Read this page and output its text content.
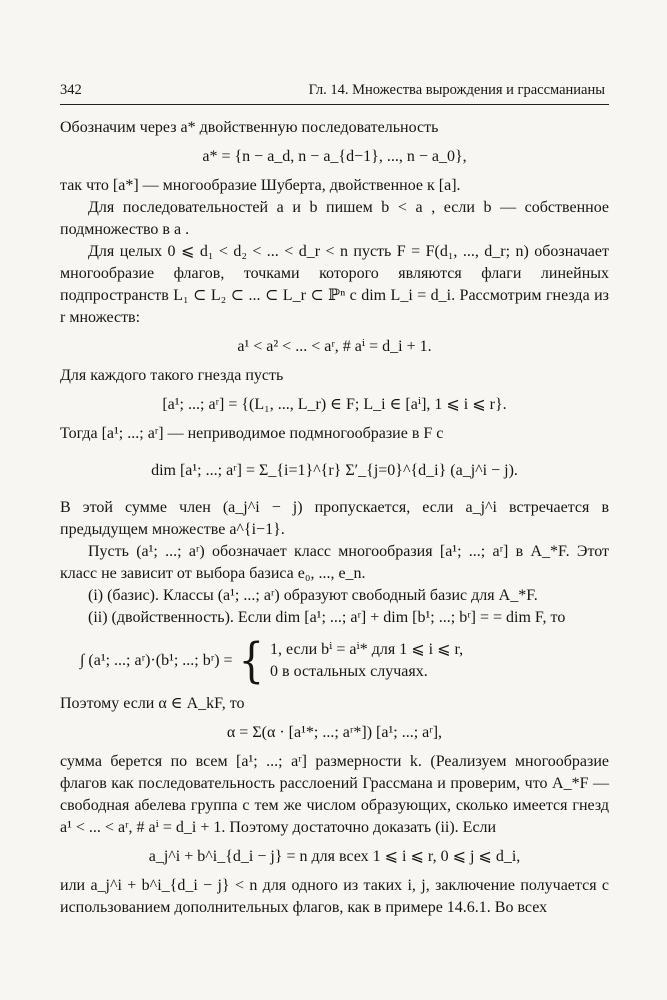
342	Гл. 14. Множества вырождения и грассманианы

Обозначим через a* двойственную последовательность

a* = {n − a_d, n − a_{d−1}, ..., n − a_0},

так что [a*] — многообразие Шуберта, двойственное к [a].

Для последовательностей a и b пишем b < a , если b — собственное подмножество в a .

Для целых 0 ⩽ d₁ < d₂ < ... < d_r < n пусть F = F(d₁, ..., d_r; n) обозначает многообразие флагов, точками которого являются флаги линейных подпространств L₁ ⊂ L₂ ⊂ ... ⊂ L_r ⊂ ℙⁿ с dim L_i = d_i. Рассмотрим гнезда из r множеств:

a¹ < a² < ... < aʳ, # aⁱ = d_i + 1.

Для каждого такого гнезда пусть

[a¹; ...; aʳ] = {(L₁, ..., L_r) ∈ F; L_i ∈ [aⁱ], 1 ⩽ i ⩽ r}.

Тогда [a¹; ...; aʳ] — неприводимое подмногообразие в F с

dim [a¹; ...; aʳ] = Σ_{i=1}^{r} Σ′_{j=0}^{d_i} (a_j^i − j).

В этой сумме член (a_j^i − j) пропускается, если a_j^i встречается в предыдущем множестве a^{i−1}.

Пусть (a¹; ...; aʳ) обозначает класс многообразия [a¹; ...; aʳ] в A_*F. Этот класс не зависит от выбора базиса e₀, ..., e_n.

(i) (базис). Классы (a¹; ...; aʳ) образуют свободный базис для A_*F.

(ii) (двойственность). Если dim [a¹; ...; aʳ] + dim [b¹; ...; bʳ] = = dim F, то

∫ (a¹; ...; aʳ)·(b¹; ...; bʳ) = { 1, если bⁱ = aⁱ* для 1 ⩽ i ⩽ r,
0 в остальных случаях.

Поэтому если α ∈ A_kF, то

α = Σ(α · [a¹*; ...; aʳ*]) [a¹; ...; aʳ],

сумма берется по всем [a¹; ...; aʳ] размерности k. (Реализуем многообразие флагов как последовательность расслоений Грассмана и проверим, что A_*F — свободная абелева группа с тем же числом образующих, сколько имеется гнезд a¹ < ... < aʳ, # aⁱ = d_i + 1. Поэтому достаточно доказать (ii). Если

a_j^i + b^i_{d_i − j} = n для всех 1 ⩽ i ⩽ r, 0 ⩽ j ⩽ d_i,

или a_j^i + b^i_{d_i − j} < n для одного из таких i, j, заключение получается с использованием дополнительных флагов, как в примере 14.6.1. Во всех
